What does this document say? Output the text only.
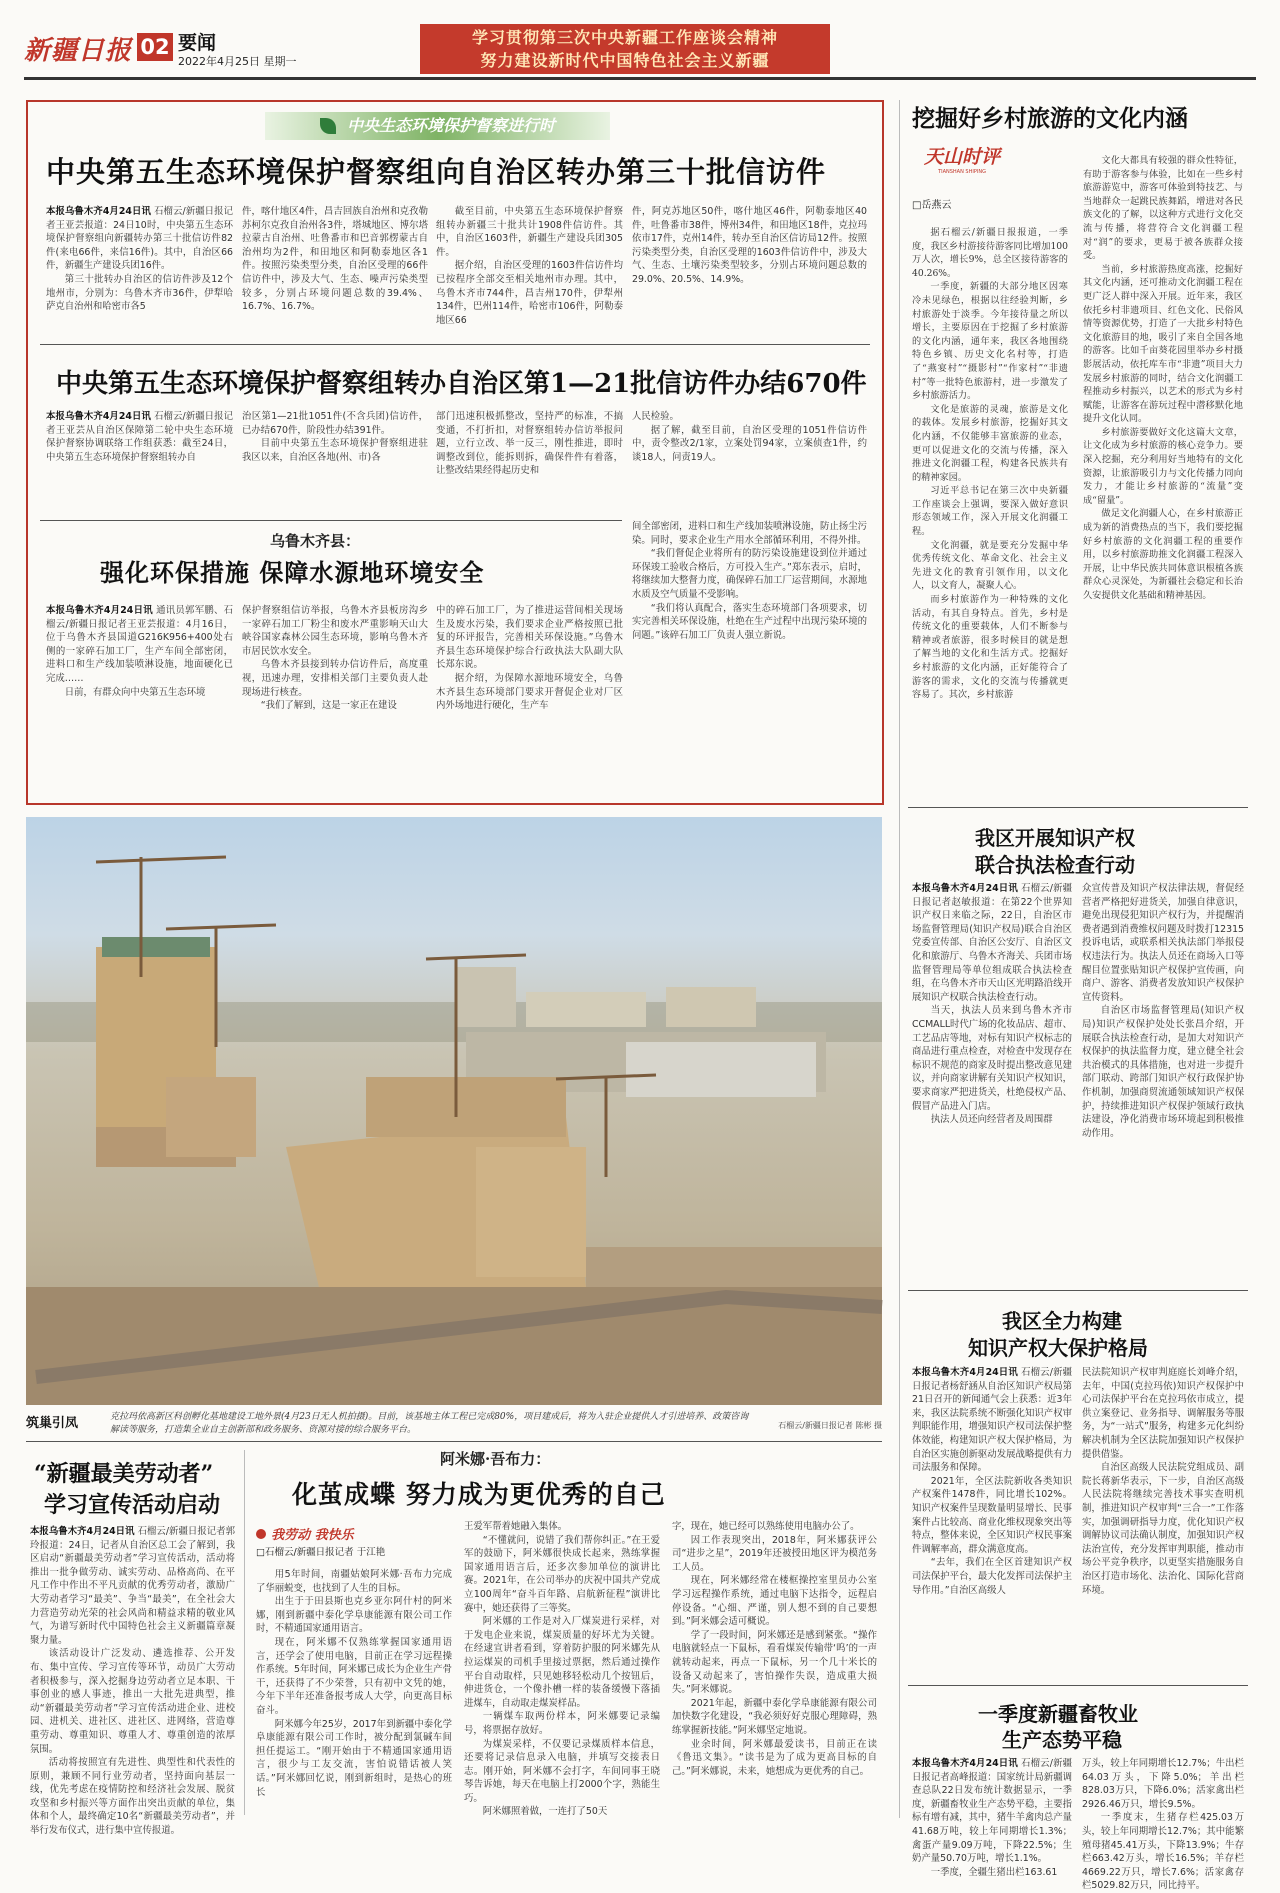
新疆日报 02 要闻
2022年4月25日 星期一
学习贯彻第三次中央新疆工作座谈会精神
努力建设新时代中国特色社会主义新疆
中央生态环境保护督察进行时
中央第五生态环境保护督察组向自治区转办第三十批信访件

本报乌鲁木齐4月24日讯 石榴云/新疆日报记者王亚芸报道：24日10时，中央第五生态环境保护督察组向新疆转办第三十批信访件82件(来电66件，来信16件)。其中，自治区66件，新疆生产建设兵团16件。

第三十批转办自治区的信访件涉及12个地州市，分别为：乌鲁木齐市36件，伊犁哈萨克自治州和哈密市各5

件，喀什地区4件，昌吉回族自治州和克孜勒苏柯尔克孜自治州各3件，塔城地区、博尔塔拉蒙古自治州、吐鲁番市和巴音郭楞蒙古自治州均为2件，和田地区和阿勒泰地区各1件。按照污染类型分类，自治区受理的66件信访件中，涉及大气、生态、噪声污染类型较多，分别占环境问题总数的39.4%、16.7%、16.7%。

截至目前，中央第五生态环境保护督察组转办新疆三十批共计1908件信访件。其中，自治区1603件，新疆生产建设兵团305件。

据介绍，自治区受理的1603件信访件均已按程序全部交至相关地州市办理。其中，乌鲁木齐市744件，昌吉州170件，伊犁州134件，巴州114件，哈密市106件，阿勒泰地区66

件，阿克苏地区50件，喀什地区46件，阿勒泰地区40件，吐鲁番市38件，博州34件，和田地区18件，克拉玛依市17件，克州14件，转办至自治区信访局12件。按照污染类型分类，自治区受理的1603件信访件中，涉及大气、生态、土壤污染类型较多，分别占环境问题总数的29.0%、20.5%、14.9%。

中央第五生态环境保护督察组转办自治区第1—21批信访件办结670件

本报乌鲁木齐4月24日讯 石榴云/新疆日报记者王亚芸从自治区保障第二轮中央生态环境保护督察协调联络工作组获悉：截至24日，中央第五生态环境保护督察组转办自

治区第1—21批1051件(不含兵团)信访件，已办结670件，阶段性办结391件。

目前中央第五生态环境保护督察组进驻我区以来，自治区各地(州、市)各

部门迅速积极抓整改，坚持严的标准，不搞变通，不打折扣，对督察组转办信访举报问题，立行立改、举一反三，刚性推进，即时调整改到位，能拆则拆，确保件件有着落，让整改结果经得起历史和

人民检验。

据了解，截至目前，自治区受理的1051件信访件中，责令整改2/1家，立案处罚94家，立案侦查1件，约谈18人，问责19人。

乌鲁木齐县：
强化环保措施 保障水源地环境安全

本报乌鲁木齐4月24日讯 通讯员郭军鹏、石榴云/新疆日报记者王亚芸报道：4月16日，位于乌鲁木齐县国道G216K956+400处右侧的一家碎石加工厂，生产车间全部密闭，进料口和生产线加装喷淋设施，地面硬化已完成……

日前，有群众向中央第五生态环境

保护督察组信访举报，乌鲁木齐县板房沟乡一家碎石加工厂粉尘和废水严重影响天山大峡谷国家森林公园生态环境，影响乌鲁木齐市居民饮水安全。

乌鲁木齐县接到转办信访件后，高度重视，迅速办理，安排相关部门主要负责人赴现场进行核查。

“我们了解到，这是一家正在建设

中的碎石加工厂，为了推进运营间相关现场生及废水污染，我们要求企业严格按照已批复的环评报告，完善相关环保设施。”乌鲁木齐县生态环境保护综合行政执法大队副大队长郑东说。

据介绍，为保障水源地环境安全，乌鲁木齐县生态环境部门要求开督促企业对厂区内外场地进行硬化，生产车

间全部密闭，进料口和生产线加装喷淋设施，防止扬尘污染。同时，要求企业生产用水全部循环利用，不得外排。

“我们督促企业将所有的防污染设施建设到位并通过环保竣工验收合格后，方可投入生产。”郑东表示，启时，将继续加大整督力度，确保碎石加工厂运营期间，水源地水质及空气质量不受影响。

“我们将认真配合，落实生态环境部门各项要求，切实完善相关环保设施，杜绝在生产过程中出现污染环境的问题。”该碎石加工厂负责人强立新说。

挖掘好乡村旅游的文化内涵
天山时评
TIANSHAN SHIPING
□岳燕云

据石榴云/新疆日报报道，一季度，我区乡村游接待游客同比增加100万人次，增长9%，总全区接待游客的40.26%。

一季度，新疆的大部分地区因寒冷未见绿色，根据以往经验判断，乡村旅游处于淡季。今年接待量之所以增长，主要原因在于挖掘了乡村旅游的文化内涵，通年来，我区各地围绕特色乡镇、历史文化名村等，打造了“燕宴村”“摄影村”“作家村”“非遗村”等一批特色旅游村，进一步激发了乡村旅游活力。

文化是旅游的灵魂，旅游是文化的载体。发展乡村旅游，挖掘好其文化内涵，不仅能够丰富旅游的业态，更可以促进文化的交流与传播，深入推进文化润疆工程，构建各民族共有的精神家园。

习近平总书记在第三次中央新疆工作座谈会上强调，要深入做好意识形态领域工作，深入开展文化润疆工程。

文化润疆，就是要充分发掘中华优秀传统文化、革命文化、社会主义先进文化的教育引领作用，以文化人，以文育人，凝聚人心。

而乡村旅游作为一种特殊的文化活动，有其自身特点。首先，乡村是传统文化的重要载体，人们不断参与精神或者旅游，很多时候目的就是想了解当地的文化和生活方式。挖掘好乡村旅游的文化内涵，正好能符合了游客的需求，文化的交流与传播就更容易了。其次，乡村旅游

文化大都具有较强的群众性特征，有助于游客参与体验，比如在一些乡村旅游游览中，游客可体验到特技艺、与当地群众一起跳民族舞蹈，增进对各民族文化的了解，以这种方式进行文化交流与传播，将营符合文化润疆工程对“润”的要求，更易于被各族群众接受。

当前，乡村旅游热度高涨，挖掘好其文化内涵，还可推动文化润疆工程在更广泛人群中深入开展。近年来，我区依托乡村非遗项目、红色文化、民俗风情等资源优势，打造了一大批乡村特色文化旅游目的地，吸引了来自全国各地的游客。比如千亩葵花园里举办乡村摄影展活动，依托库车市“非遗”项目大力发展乡村旅游的同时，结合文化润疆工程推动乡村振兴，以艺术的形式为乡村赋能，让游客在游玩过程中潜移默化地提升文化认同。

乡村旅游要做好文化这篇大文章，让文化成为乡村旅游的核心竞争力。要深入挖掘，充分利用好当地特有的文化资源，让旅游吸引力与文化传播力同向发力，才能让乡村旅游的“流量”变成“留量”。

做足文化润疆人心，在乡村旅游正成为新的消费热点的当下，我们要挖掘好乡村旅游的文化润疆工程的重要作用，以乡村旅游助推文化润疆工程深入开展，让中华民族共同体意识根植各族群众心灵深处，为新疆社会稳定和长治久安提供文化基础和精神基因。

筑巢引凤	克拉玛依高新区科创孵化基地建设工地外景(4月23日无人机拍摄)。目前，该基地主体工程已完成80%，项目建成后，将为入驻企业提供人才引进培养、政策咨询解读等服务，打造集全业自主创新部和政务服务、资源对接的综合服务平台。	石榴云/新疆日报记者 陈彬 摄
我区开展知识产权
联合执法检查行动

本报乌鲁木齐4月24日讯 石榴云/新疆日报记者赵敏报道：在第22个世界知识产权日来临之际，22日，自治区市场监督管理局(知识产权局)联合自治区党委宣传部、自治区公安厅、自治区文化和旅游厅、乌鲁木齐海关、兵团市场监督管理局等单位组成联合执法检查组，在乌鲁木齐市天山区光明路沿线开展知识产权联合执法检查行动。

当天，执法人员来到乌鲁木齐市CCMALL时代广场的化妆品店、超市、工艺品店等地，对标有知识产权标志的商品进行重点检查，对检查中发现存在标识不规范的商家及时提出整改意见建议，并向商家讲解有关知识产权知识，要求商家严把进货关，杜绝侵权产品、假冒产品进入门店。

执法人员还向经营者及周围群

众宣传普及知识产权法律法规，督促经营者严格把好进货关，加强自律意识，避免出现侵犯知识产权行为，并提醒消费者遇到消费维权问题及时拨打12315投诉电话，或联系相关执法部门举报侵权违法行为。执法人员还在商场入口等醒目位置张贴知识产权保护宣传画，向商户、游客、消费者发放知识产权保护宣传资料。

自治区市场监督管理局(知识产权局)知识产权保护处处长张昌介绍，开展联合执法检查行动，是加大对知识产权保护的执法监督力度，建立健全社会共治模式的具体措施，也对进一步提升部门联动、跨部门知识产权行政保护协作机制，加强商贸流通领域知识产权保护，持续推进知识产权保护领域行政执法建设，净化消费市场环境起到积极推动作用。

我区全力构建
知识产权大保护格局

本报乌鲁木齐4月24日讯 石榴云/新疆日报记者杨舒涵从自治区知识产权局第21日召开的新闻通气会上获悉：近3年来，我区法院系统不断强化知识产权审判职能作用，增强知识产权司法保护整体效能，构建知识产权大保护格局，为自治区实施创新驱动发展战略提供有力司法服务和保障。

2021年，全区法院新收各类知识产权案件1478件，同比增长102%。知识产权案件呈现数量明显增长、民事案件占比较高、商业化维权现象突出等特点，整体来说，全区知识产权民事案件调解率高，群众满意度高。

“去年，我们在全区首建知识产权司法保护平台，最大化发挥司法保护主导作用。”自治区高级人

民法院知识产权审判庭庭长刘峰介绍，去年，中国(克拉玛依)知识产权保护中心司法保护平台在克拉玛依市成立，提供立案登记、业务指导、调解服务等服务，为“一站式”服务，构建多元化纠纷解决机制为全区法院加强知识产权保护提供借鉴。

自治区高级人民法院党组成员、副院长蒋新华表示，下一步，自治区高级人民法院将继续完善技术事实查明机制，推进知识产权审判“三合一”工作落实，加强调研指导力度，优化知识产权调解协议司法确认制度，加强知识产权法治宣传，充分发挥审判职能，推动市场公平竞争秩序，以更坚实措施服务自治区打造市场化、法治化、国际化营商环境。

一季度新疆畜牧业
生产态势平稳

本报乌鲁木齐4月24日讯 石榴云/新疆日报记者高峰报道：国家统计局新疆调查总队22日发布统计数据显示，一季度，新疆畜牧业生产态势平稳，主要指标有增有减，其中，猪牛羊禽肉总产量41.68万吨，较上年同期增长1.3%；禽蛋产量9.09万吨，下降22.5%；生奶产量50.70万吨，增长1.1%。

一季度，全疆生猪出栏163.61

万头，较上年同期增长12.7%；牛出栏64.03万头，下降5.0%；羊出栏828.03万只，下降6.0%；活家禽出栏2926.46万只，增长9.5%。

一季度末，生猪存栏425.03万头，较上年同期增长12.7%；其中能繁殖母猪45.41万头，下降13.9%；牛存栏663.42万头，增长16.5%；羊存栏4669.22万只，增长7.6%；活家禽存栏5029.82万只，同比持平。

“新疆最美劳动者”
学习宣传活动启动

本报乌鲁木齐4月24日讯 石榴云/新疆日报记者郭玲报道：24日，记者从自治区总工会了解到，我区启动“新疆最美劳动者”学习宣传活动，活动将推出一批争做劳动、诚实劳动、品格高尚、在平凡工作中作出不平凡贡献的优秀劳动者，激励广大劳动者学习“最美”、争当“最美”，在全社会大力营造劳动光荣的社会风尚和精益求精的敬业风气，为谱写新时代中国特色社会主义新疆篇章凝聚力量。

该活动设计广泛发动、遴选推荐、公开发布、集中宣传、学习宣传等环节，动员广大劳动者积极参与，深入挖掘身边劳动者立足本职、干事创业的感人事迹，推出一大批先进典型，推动“新疆最美劳动者”学习宣传活动进企业、进校园、进机关、进社区、进社区、进网络，营造尊重劳动、尊重知识、尊重人才、尊重创造的浓厚氛围。

活动将按照宣有先进性、典型性和代表性的原则，兼顾不同行业劳动者，坚持面向基层一线，优先考虑在疫情防控和经济社会发展、脱贫攻坚和乡村振兴等方面作出突出贡献的单位，集体和个人，最终确定10名“新疆最美劳动者”，并举行发布仪式，进行集中宣传报道。

阿米娜·吾布力：
化茧成蝶 努力成为更优秀的自己
我劳动 我快乐
□石榴云/新疆日报记者 于江艳

用5年时间，南疆姑娘阿米娜·吾布力完成了华丽蜕变，也找到了人生的目标。

出生于于田县斯也克乡亚尔阿什村的阿米娜，刚到新疆中泰化学阜康能源有限公司工作时，不精通国家通用语言。

现在，阿米娜不仅熟练掌握国家通用语言，还学会了使用电脑，目前正在学习远程操作系统。5年时间，阿米娜已成长为企业生产骨干，还获得了不少荣誉，只有初中文凭的她，今年下半年还准备报考成人大学，向更高目标奋斗。

阿米娜今年25岁，2017年到新疆中泰化学阜康能源有限公司工作时，被分配到氯碱车间担任提运工。“刚开始由于不精通国家通用语言，很少与工友交流，害怕说错话被人笑话。”阿米娜回忆说，刚到新组时，是热心的班长

王爱军帮着她融入集体。

“不懂就问，说错了我们帮你纠正。”在王爱军的鼓励下，阿米娜很快成长起来，熟练掌握国家通用语言后，还多次参加单位的演讲比赛。2021年，在公司举办的庆祝中国共产党成立100周年“奋斗百年路、启航新征程”演讲比赛中，她还获得了三等奖。

阿米娜的工作是对入厂煤炭进行采样，对于发电企业来说，煤炭质量的好坏尤为关键。在经逮宣讲者看到，穿着防护服的阿米娜先从拉运煤炭的司机手里接过票据，然后通过操作平台自动取样，只见她移轻松动几个按钮后，伸进货仓，一个像扑槽一样的装备缓慢下落插进煤车，自动取走煤炭样品。

一辆煤车取两份样本，阿米娜要记录编号，将票据存放好。

为煤炭采样，不仅要记录煤质样本信息，还要将记录信息录入电脑，并填写交接表日志。刚开始，阿米娜不会打字，车间同事王晓琴告诉她，每天在电脑上打2000个字，熟能生巧。

阿米娜照着做，一连打了50天

字，现在，她已经可以熟练使用电脑办公了。

因工作表现突出，2018年，阿米娜获评公司“进步之星”，2019年还被授田地区评为模范务工人员。

现在，阿米娜经常在楼框操控室里员办公室学习远程操作系统，通过电脑下达指令，远程启停设备。“心细、严谨，别人想不到的自己要想到。”阿米娜会适可概说。

学了一段时间，阿米娜还是感到紧张。“操作电脑就轻点一下鼠标，看看煤炭传输带‘呜’的一声就转动起来，再点一下鼠标，另一个几十米长的设备又动起来了，害怕操作失误，造成重大损失。”阿米娜说。

2021年起，新疆中泰化学阜康能源有限公司加快数字化建设，“我必须好好克服心理障碍，熟练掌握新技能。”阿米娜坚定地说。

业余时间，阿米娜最爱读书，目前正在读《鲁迅文集》。“读书是为了成为更高目标的自己。”阿米娜说，未来，她想成为更优秀的自己。
